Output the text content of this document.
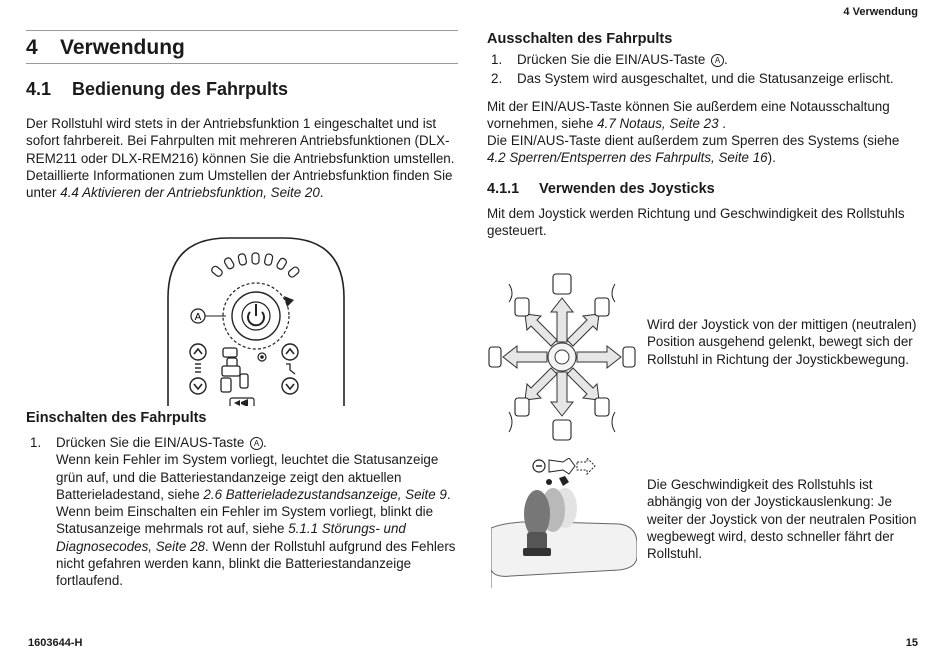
4 Verwendung
4 Verwendung
4.1 Bedienung des Fahrpults

Der Rollstuhl wird stets in der Antriebsfunktion 1 eingeschaltet und ist sofort fahrbereit. Bei Fahrpulten mit mehreren Antriebsfunktionen (DLX-REM211 oder DLX-REM216) können Sie die Antriebsfunktion umstellen. Detaillierte Informationen zum Umstellen der Antriebsfunktion finden Sie unter 4.4 Aktivieren der Antriebsfunktion, Seite 20.

A
Einschalten des Fahrpults
1. Drücken Sie die EIN/AUS-Taste A .
Wenn kein Fehler im System vorliegt, leuchtet die Statusanzeige grün auf, und die Batteriestandanzeige zeigt den aktuellen Batterieladestand, siehe 2.6 Batterieladezustandsanzeige, Seite 9.
Wenn beim Einschalten ein Fehler im System vorliegt, blinkt die Statusanzeige mehrmals rot auf, siehe 5.1.1 Störungs- und Diagnosecodes, Seite 28. Wenn der Rollstuhl aufgrund des Fehlers nicht gefahren werden kann, blinkt die Batteriestandanzeige fortlaufend.
Ausschalten des Fahrpults
1. Drücken Sie die EIN/AUS-Taste A .
2. Das System wird ausgeschaltet, und die Statusanzeige erlischt.

Mit der EIN/AUS-Taste können Sie außerdem eine Notausschaltung vornehmen, siehe 4.7 Notaus, Seite 23 .
Die EIN/AUS-Taste dient außerdem zum Sperren des Systems (siehe 4.2 Sperren/Entsperren des Fahrpults, Seite 16).

4.1.1 Verwenden des Joysticks

Mit dem Joystick werden Richtung und Geschwindigkeit des Rollstuhls gesteuert.

Wird der Joystick von der mittigen (neutralen) Position ausgehend gelenkt, bewegt sich der Rollstuhl in Richtung der Joystickbewegung.

Die Geschwindigkeit des Rollstuhls ist abhängig von der Joystickauslenkung: Je weiter der Joystick von der neutralen Position wegbewegt wird, desto schneller fährt der Rollstuhl.

1603644-H	15
